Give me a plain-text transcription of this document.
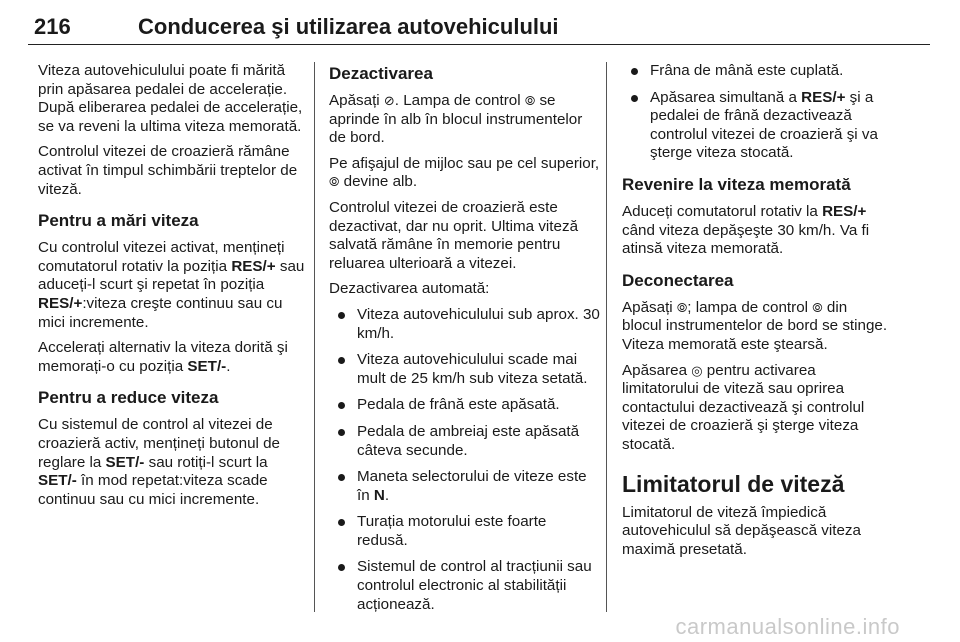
216	Conducerea şi utilizarea autovehiculului

Viteza autovehiculului poate fi mărită prin apăsarea pedalei de accelerație. După eliberarea pedalei de accelerație, se va reveni la ultima viteza memorată.

Controlul vitezei de croazieră rămâne activat în timpul schimbării treptelor de viteză.

Pentru a mări viteza

Cu controlul vitezei activat, mențineți comutatorul rotativ la poziția RES/+ sau aduceți-l scurt şi repetat în poziția RES/+:viteza creşte continuu sau cu mici incremente.

Accelerați alternativ la viteza dorită şi memorați-o cu poziția SET/-.

Pentru a reduce viteza

Cu sistemul de control al vitezei de croazieră activ, mențineți butonul de reglare la SET/- sau rotiți-l scurt la SET/- în mod repetat:viteza scade continuu sau cu mici incremente.

Dezactivarea

Apăsați ⊘. Lampa de control ⦾ se aprinde în alb în blocul instrumentelor de bord.

Pe afişajul de mijloc sau pe cel superior, ⦾ devine alb.

Controlul vitezei de croazieră este dezactivat, dar nu oprit. Ultima viteză salvată rămâne în memorie pentru reluarea ulterioară a vitezei.

Dezactivarea automată:

Viteza autovehiculului sub aprox. 30 km/h.
Viteza autovehiculului scade mai mult de 25 km/h sub viteza setată.
Pedala de frână este apăsată.
Pedala de ambreiaj este apăsată câteva secunde.
Maneta selectorului de viteze este în N.
Turația motorului este foarte redusă.
Sistemul de control al tracțiunii sau controlul electronic al stabilității acționează.
Frâna de mână este cuplată.
Apăsarea simultană a RES/+ şi a pedalei de frână dezactivează controlul vitezei de croazieră şi va şterge viteza stocată.
Revenire la viteza memorată

Aduceți comutatorul rotativ la RES/+ când viteza depăşeşte 30 km/h. Va fi atinsă viteza memorată.

Deconectarea

Apăsați ⦾; lampa de control ⦾ din blocul instrumentelor de bord se stinge. Viteza memorată este ştearsă.

Apăsarea ◎ pentru activarea limitatorului de viteză sau oprirea contactului dezactivează şi controlul vitezei de croazieră şi şterge viteza stocată.

Limitatorul de viteză

Limitatorul de viteză împiedică autovehiculul să depăşească viteza maximă presetată.

carmanualsonline.info
